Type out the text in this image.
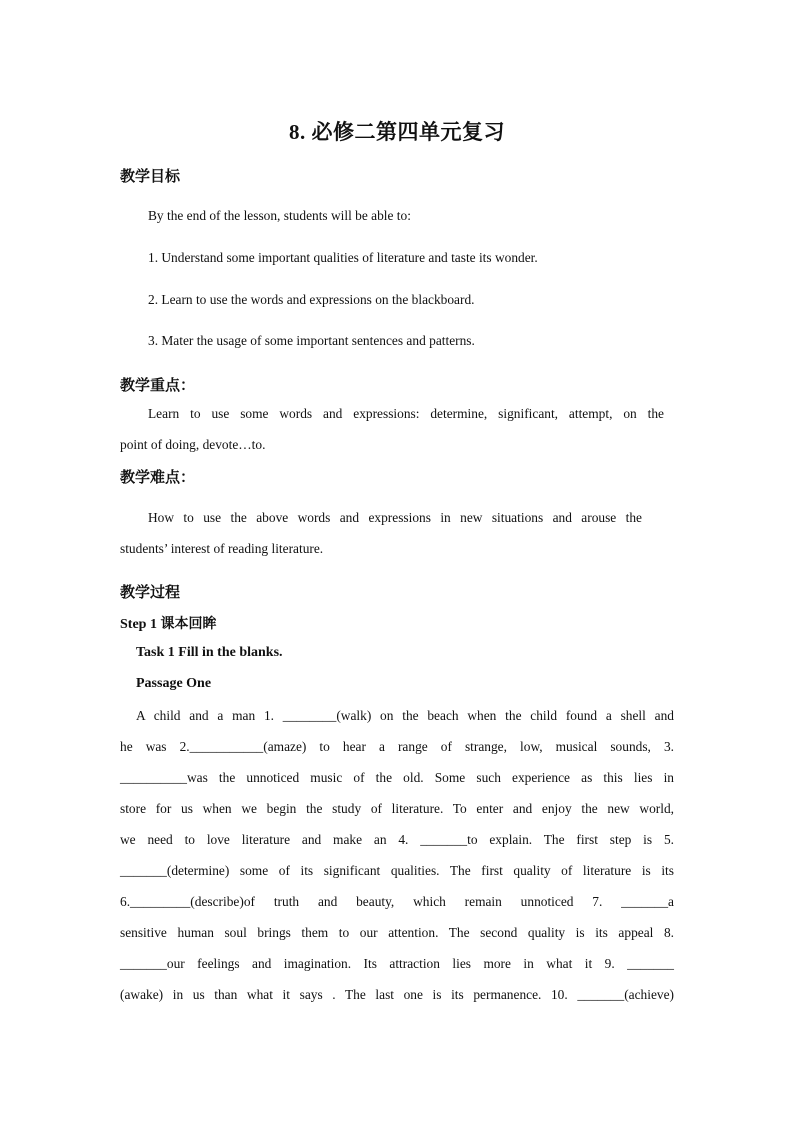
8. 必修二第四单元复习
教学目标
By the end of the lesson, students will be able to:
1. Understand some important qualities of literature and taste its wonder.
2. Learn to use the words and expressions on the blackboard.
3. Mater the usage of some important sentences and patterns.
教学重点：
Learn to use some words and expressions: determine, significant, attempt, on the
point of doing, devote…to.
教学难点：
How to use the above words and expressions in new situations and arouse the
students’ interest of reading literature.
教学过程
Step 1 课本回眸
Task 1 Fill in the blanks.
Passage One
A child and a man 1. ________(walk) on the beach when the child found a shell and
he was 2.___________(amaze) to hear a range of strange, low, musical sounds, 3.
__________was the unnoticed music of the old. Some such experience as this lies in
store for us when we begin the study of literature. To enter and enjoy the new world,
we need to love literature and make an 4. _______to explain. The first step is 5.
_______(determine) some of its significant qualities. The first quality of literature is its
6._________(describe)of truth and beauty, which remain unnoticed 7. _______a
sensitive human soul brings them to our attention. The second quality is its appeal 8.
_______our feelings and imagination. Its attraction lies more in what it 9. _______
(awake) in us than what it says . The last one is its permanence. 10. _______(achieve)
